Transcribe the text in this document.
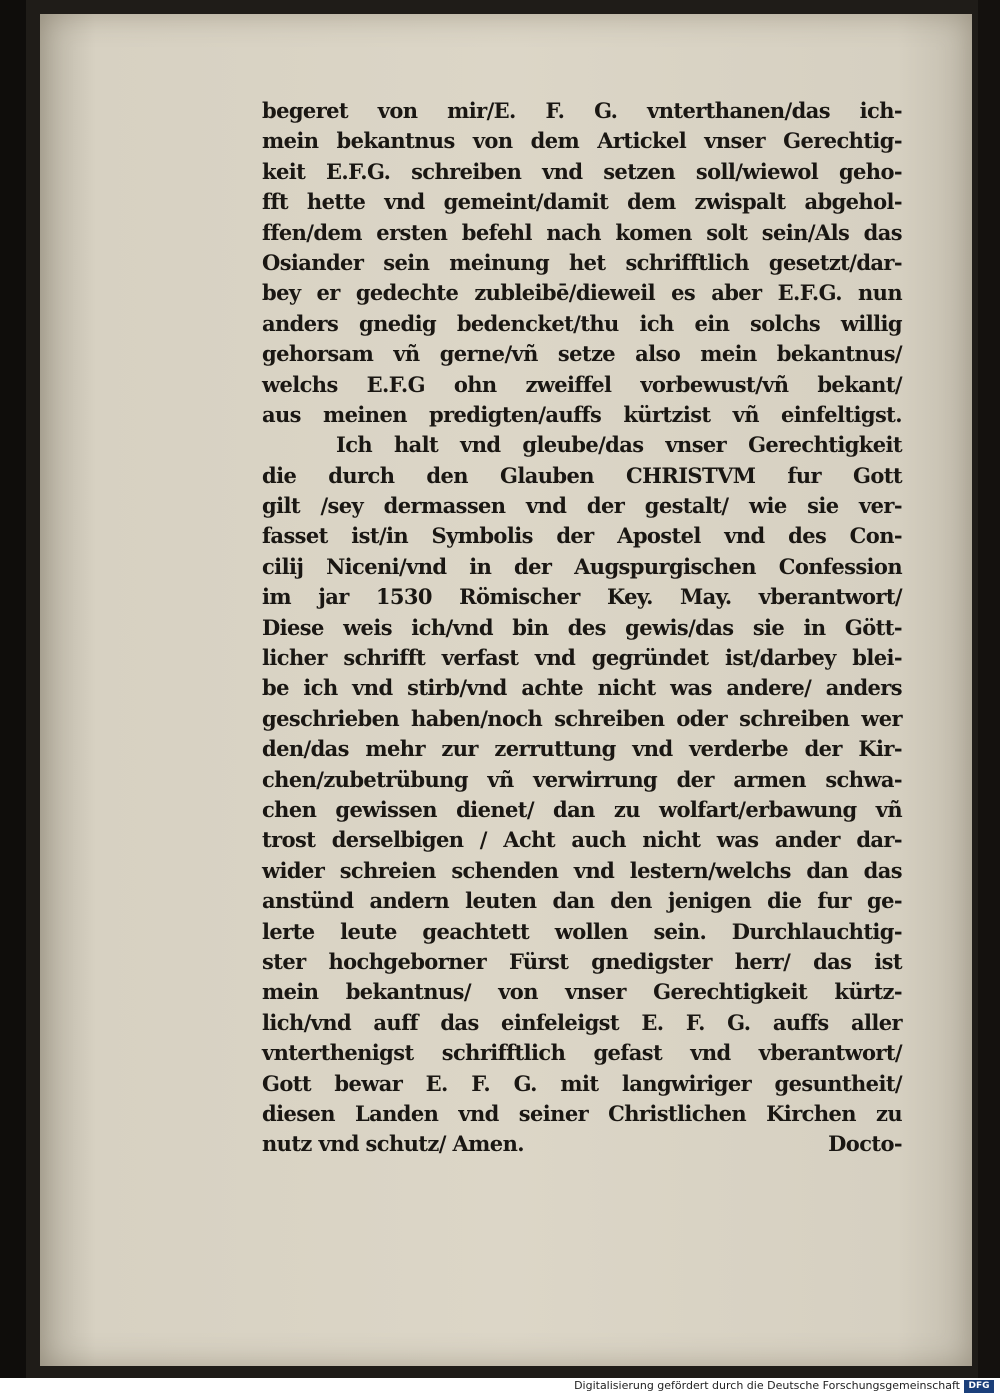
begeret von mir/E. F. G. vnterthanen/das ich-
mein bekantnus von dem Artickel vnser Gerechtig-
keit E.F.G. schreiben vnd setzen soll/wiewol geho-
fft hette vnd gemeint/damit dem zwispalt abgehol-
ffen/dem ersten befehl nach komen solt sein/Als das
Osiander sein meinung het schrifftlich gesetzt/dar-
bey er gedechte zubleibē/dieweil es aber E.F.G. nun
anders gnedig bedencket/thu ich ein solchs willig
gehorsam vñ gerne/vñ setze also mein bekantnus/
welchs E.F.G ohn zweiffel vorbewust/vñ bekant/
aus meinen predigten/auffs kürtzist vñ einfeltigst.
Ich halt vnd gleube/das vnser Gerechtigkeit
die durch den Glauben CHRISTVM fur Gott
gilt /sey dermassen vnd der gestalt/ wie sie ver-
fasset ist/in Symbolis der Apostel vnd des Con-
cilij Niceni/vnd in der Augspurgischen Confession
im jar 1530 Römischer Key. May. vberantwort/
Diese weis ich/vnd bin des gewis/das sie in Gött-
licher schrifft verfast vnd gegründet ist/darbey blei-
be ich vnd stirb/vnd achte nicht was andere/ anders
geschrieben haben/noch schreiben oder schreiben wer
den/das mehr zur zerruttung vnd verderbe der Kir-
chen/zubetrübung vñ verwirrung der armen schwa-
chen gewissen dienet/ dan zu wolfart/erbawung vñ
trost derselbigen / Acht auch nicht was ander dar-
wider schreien schenden vnd lestern/welchs dan das
anstünd andern leuten dan den jenigen die fur ge-
lerte leute geachtett wollen sein. Durchlauchtig-
ster hochgeborner Fürst gnedigster herr/ das ist
mein bekantnus/ von vnser Gerechtigkeit kürtz-
lich/vnd auff das einfeleigst E. F. G. auffs aller
vnterthenigst schrifftlich gefast vnd vberantwort/
Gott bewar E. F. G. mit langwiriger gesuntheit/
diesen Landen vnd seiner Christlichen Kirchen zu
nutz vnd schutz/ Amen.	Docto-
Digitalisierung gefördert durch die Deutsche Forschungsgemeinschaft DFG
